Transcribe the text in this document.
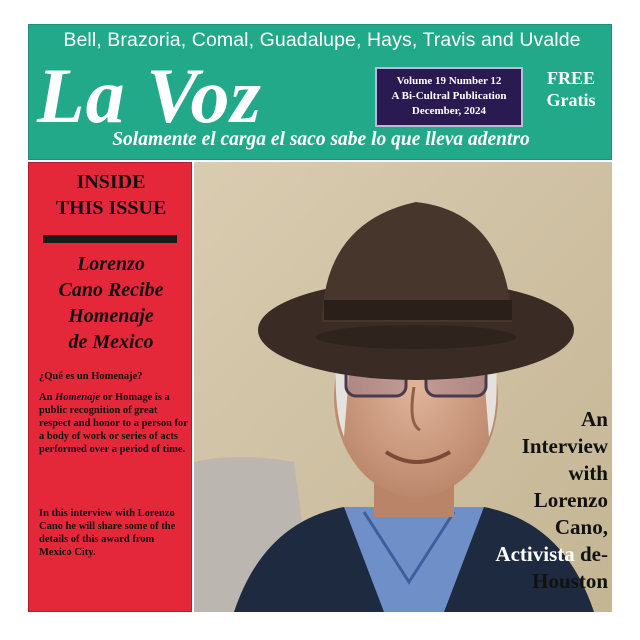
Bell, Brazoria, Comal, Guadalupe, Hays, Travis and Uvalde
La Voz	Volume 19 Number 12
A Bi-Cultral Publication
December, 2024
FREE
Gratis
Solamente el carga el saco sabe lo que lleva adentro
INSIDE
THIS ISSUE
Lorenzo
Cano Recibe
Homenaje
de Mexico
¿Qué es un Homenaje?
An Homenaje or Homage is a public recognition of great respect and honor to a person for a body of work or series of acts performed over a period of time.
In this interview with Lorenzo Cano he will share some of the details of this award from Mexico City.
An
Interview
with
Lorenzo
Cano,
Activista de-
Houston
